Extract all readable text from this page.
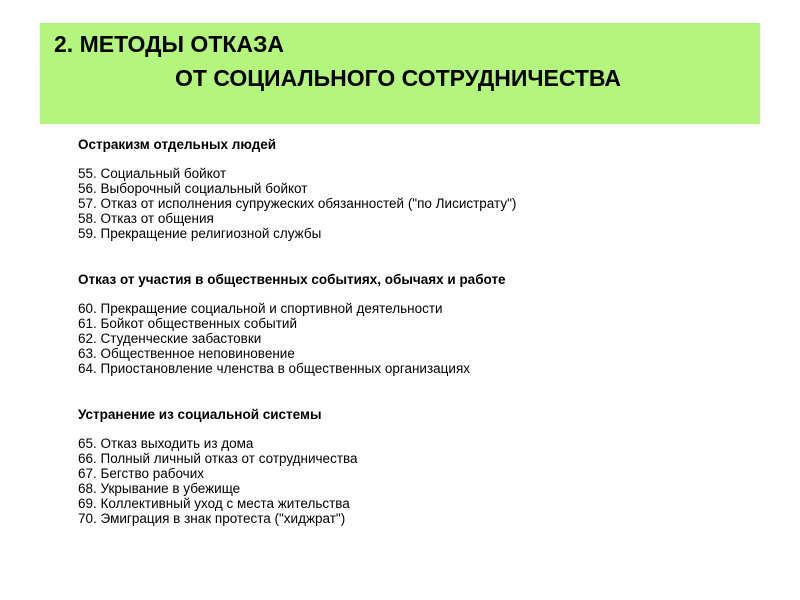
2. МЕТОДЫ ОТКАЗА
ОТ СОЦИАЛЬНОГО СОТРУДНИЧЕСТВА
Остракизм отдельных людей
55. Социальный бойкот
56. Выборочный социальный бойкот
57. Отказ от исполнения супружеских обязанностей ("по Лисистрату")
58. Отказ от общения
59. Прекращение религиозной службы
Отказ от участия в общественных событиях, обычаях и работе
60. Прекращение социальной и спортивной деятельности
61. Бойкот общественных событий
62. Студенческие забастовки
63. Общественное неповиновение
64. Приостановление членства в общественных организациях
Устранение из социальной системы
65. Отказ выходить из дома
66. Полный личный отказ от сотрудничества
67. Бегство рабочих
68. Укрывание в убежище
69. Коллективный уход с места жительства
70. Эмиграция в знак протеста ("хиджрат")
